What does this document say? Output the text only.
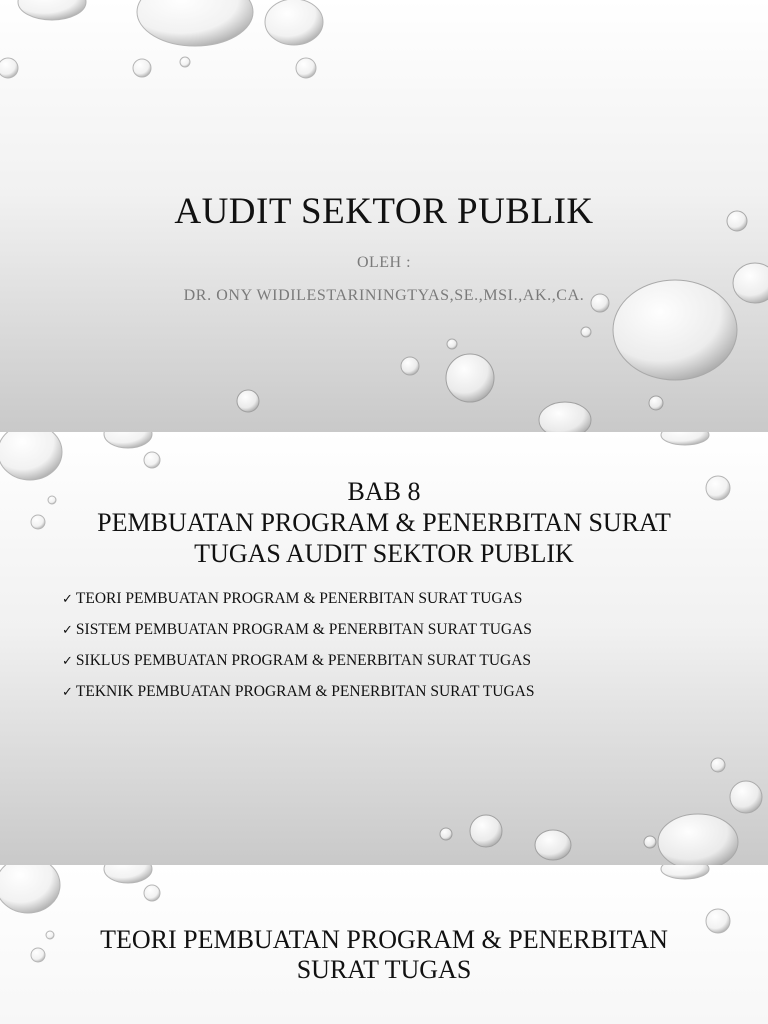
AUDIT SEKTOR PUBLIK
OLEH :
DR. ONY WIDILESTARININGTYAS,SE.,MSI.,AK.,CA.
BAB 8
PEMBUATAN PROGRAM & PENERBITAN SURAT
TUGAS AUDIT SEKTOR PUBLIK
✓ TEORI PEMBUATAN PROGRAM & PENERBITAN SURAT TUGAS
✓ SISTEM PEMBUATAN PROGRAM & PENERBITAN SURAT TUGAS
✓ SIKLUS PEMBUATAN PROGRAM & PENERBITAN SURAT TUGAS
✓ TEKNIK PEMBUATAN PROGRAM & PENERBITAN SURAT TUGAS
TEORI PEMBUATAN PROGRAM & PENERBITAN
SURAT TUGAS
